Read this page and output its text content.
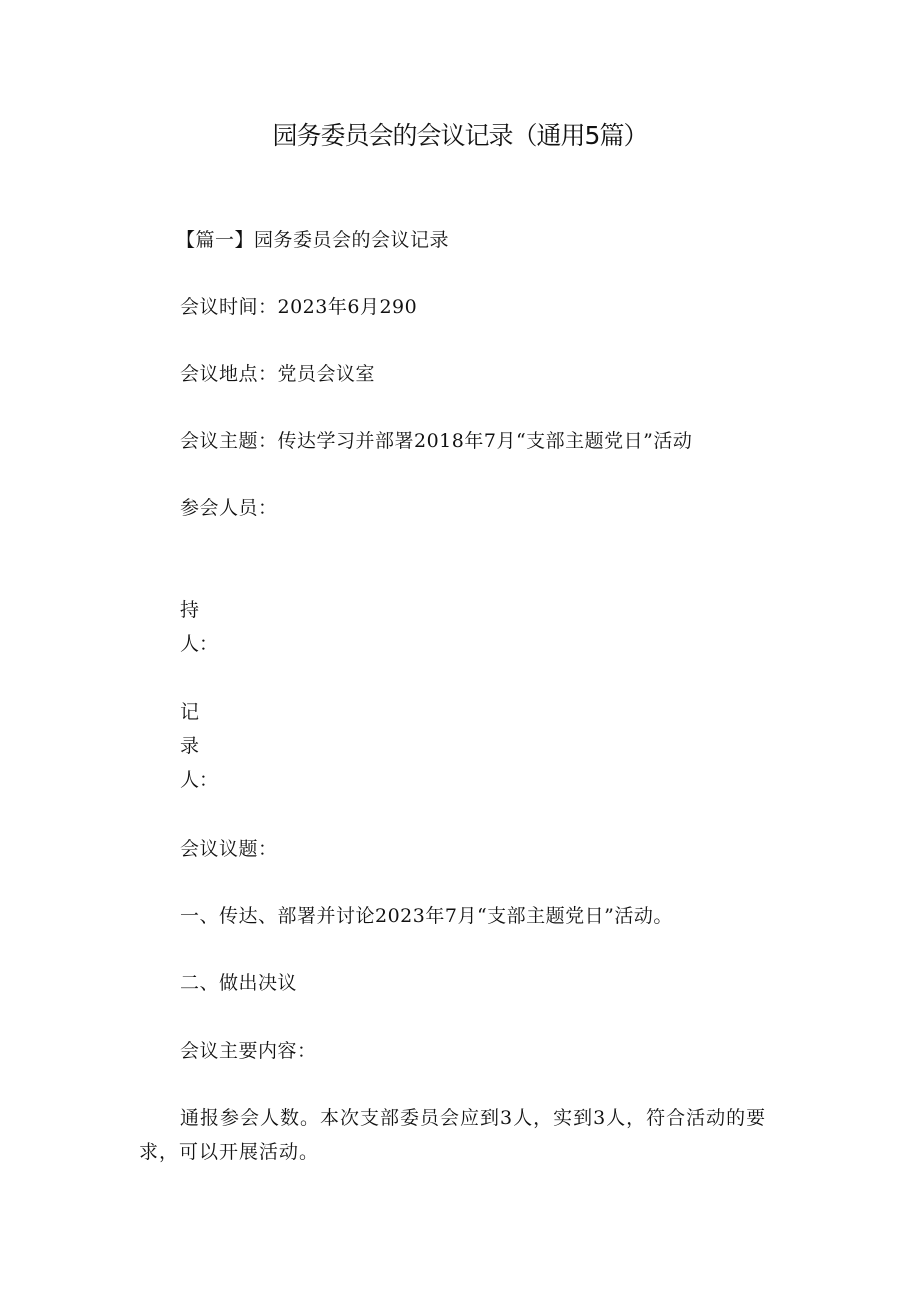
园务委员会的会议记录（通用5篇）

【篇一】园务委员会的会议记录

会议时间：2023年6月290

会议地点：党员会议室

会议主题：传达学习并部署2018年7月“支部主题党日”活动

参会人员：

持人：

记录人：

会议议题：

一、传达、部署并讨论2023年7月“支部主题党日”活动。

二、做出决议

会议主要内容：

通报参会人数。本次支部委员会应到3人，实到3人，符合活动的要求，可以开展活动。
